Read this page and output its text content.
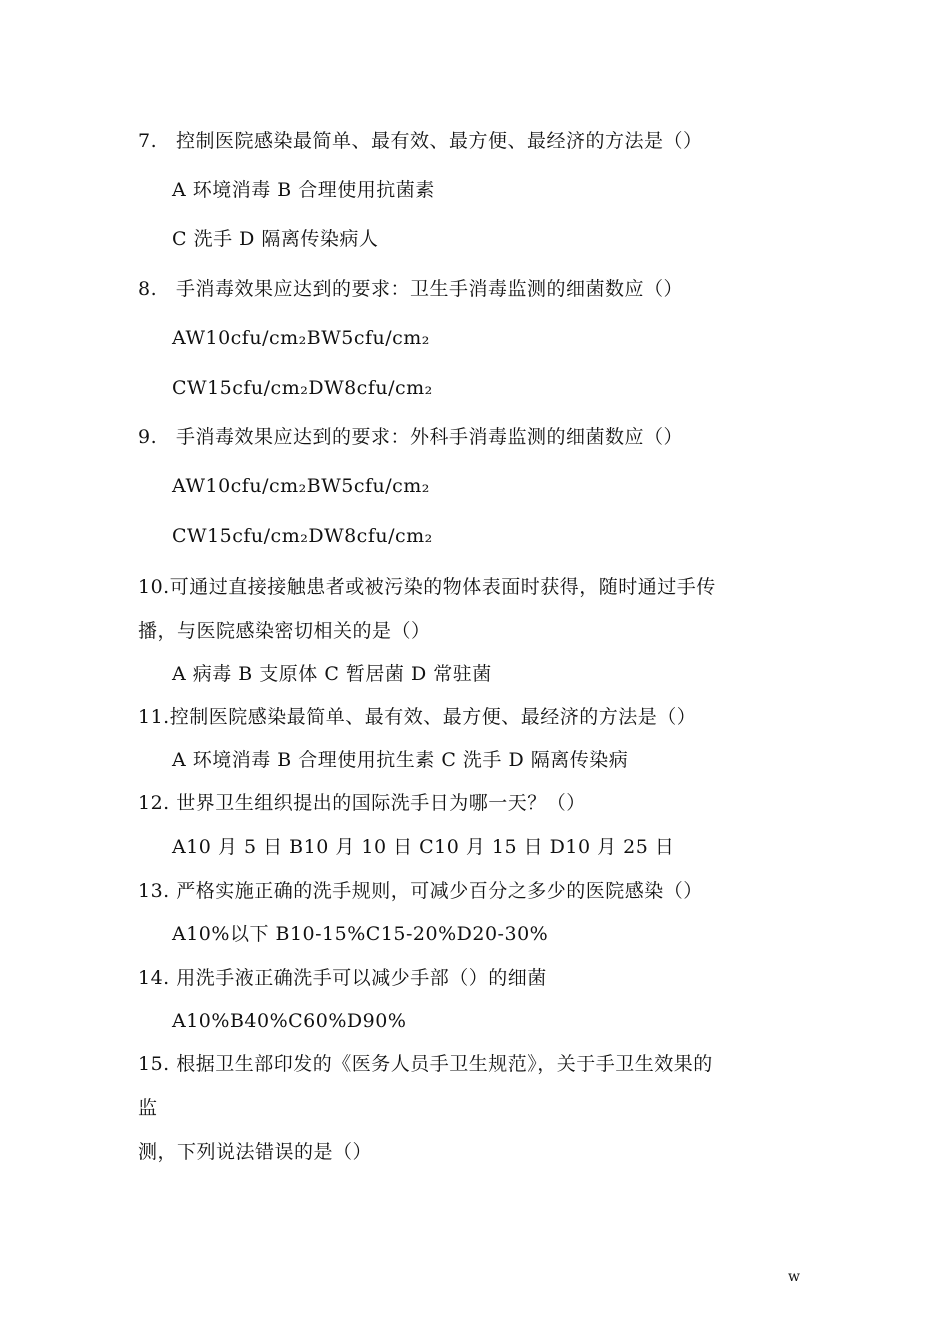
7. 控制医院感染最简单、最有效、最方便、最经济的方法是（）
A 环境消毒 B 合理使用抗菌素
C 洗手 D 隔离传染病人
8. 手消毒效果应达到的要求：卫生手消毒监测的细菌数应（）
AW10cfu/cm₂BW5cfu/cm₂
CW15cfu/cm₂DW8cfu/cm₂
9. 手消毒效果应达到的要求：外科手消毒监测的细菌数应（）
AW10cfu/cm₂BW5cfu/cm₂
CW15cfu/cm₂DW8cfu/cm₂
10.可通过直接接触患者或被污染的物体表面时获得，随时通过手传
播，与医院感染密切相关的是（）
A 病毒 B 支原体 C 暂居菌 D 常驻菌
11.控制医院感染最简单、最有效、最方便、最经济的方法是（）
A 环境消毒 B 合理使用抗生素 C 洗手 D 隔离传染病
12. 世界卫生组织提出的国际洗手日为哪一天？（）
A10 月 5 日 B10 月 10 日 C10 月 15 日 D10 月 25 日
13. 严格实施正确的洗手规则，可减少百分之多少的医院感染（）
A10%以下 B10-15%C15-20%D20-30%
14. 用洗手液正确洗手可以减少手部（）的细菌
A10%B40%C60%D90%
15. 根据卫生部印发的《医务人员手卫生规范》，关于手卫生效果的
监
测，下列说法错误的是（）
w
